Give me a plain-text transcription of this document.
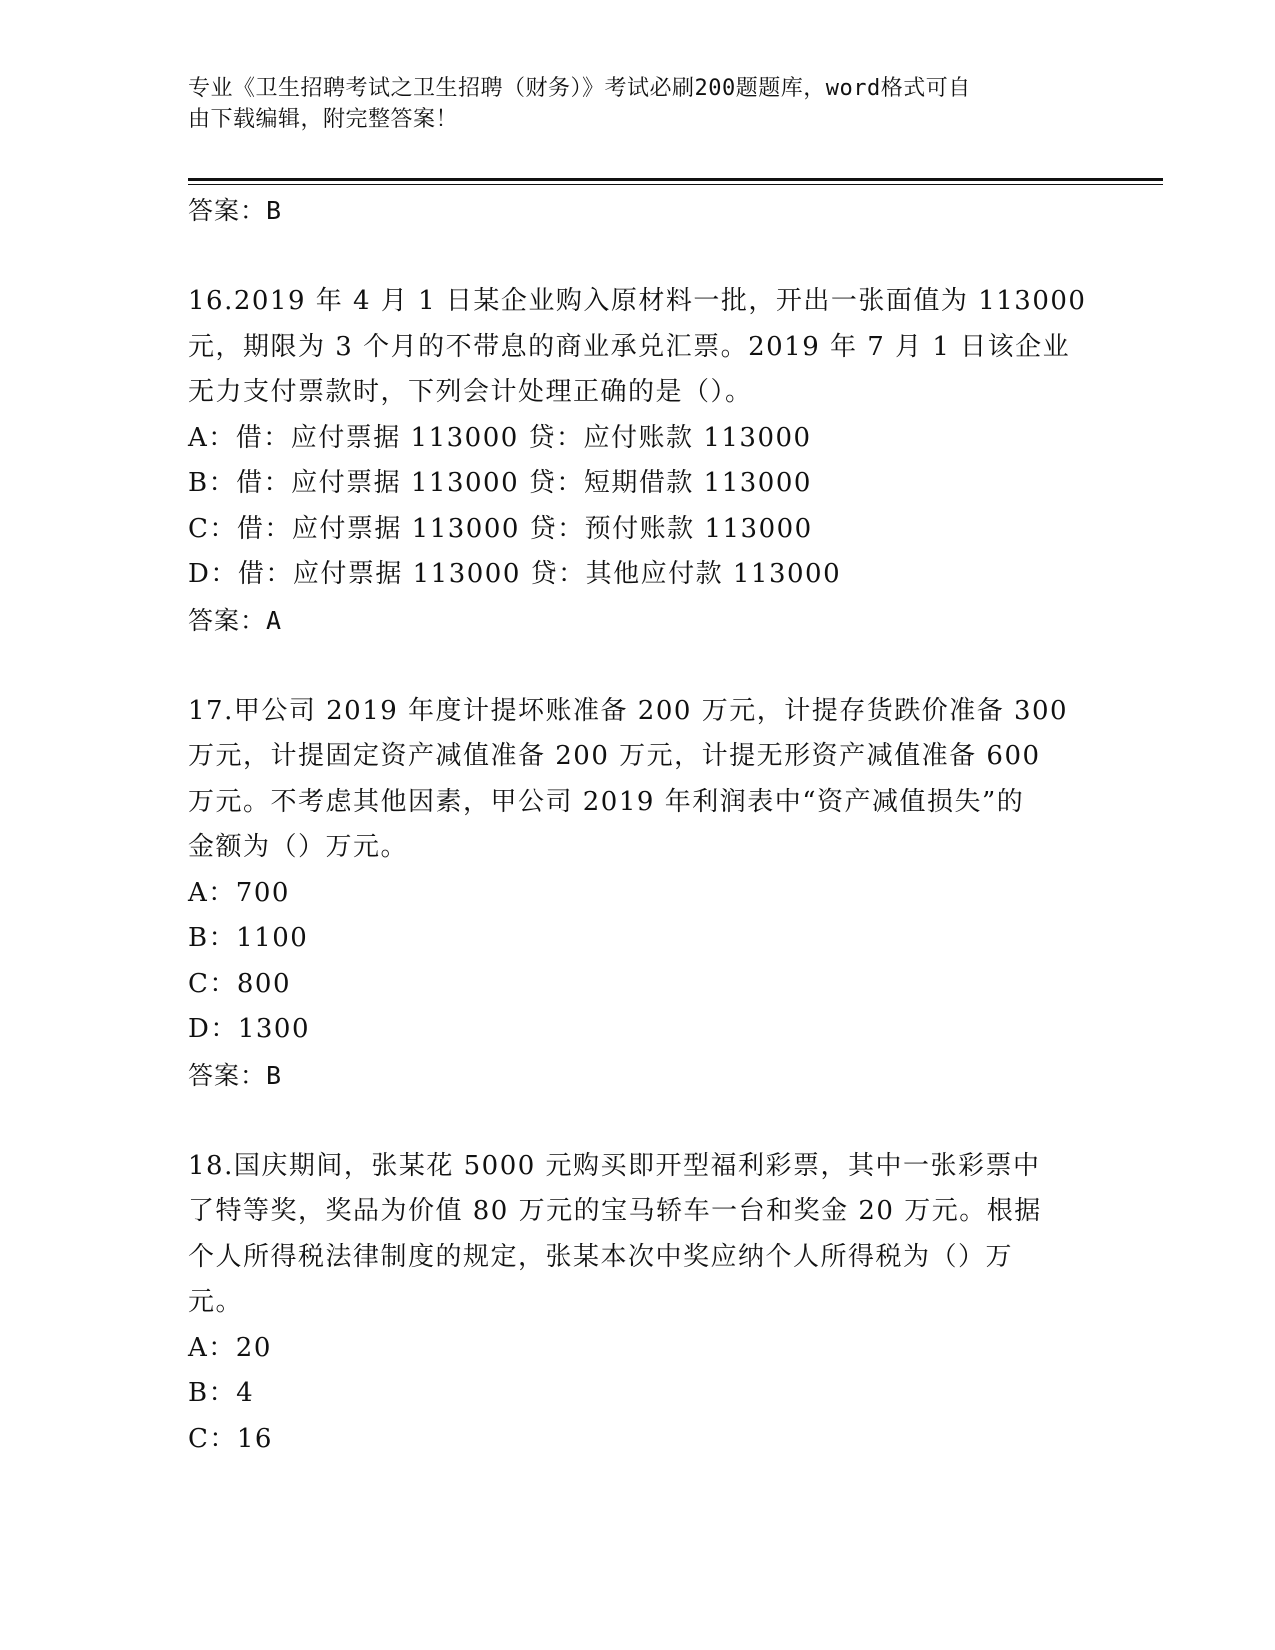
专业《卫生招聘考试之卫生招聘（财务）》考试必刷200题题库，word格式可自
由下载编辑，附完整答案！
答案：B
16.2019 年 4 月 1 日某企业购入原材料一批，开出一张面值为 113000
元，期限为 3 个月的不带息的商业承兑汇票。2019 年 7 月 1 日该企业
无力支付票款时，下列会计处理正确的是（）。
A：借：应付票据 113000 贷：应付账款 113000
B：借：应付票据 113000 贷：短期借款 113000
C：借：应付票据 113000 贷：预付账款 113000
D：借：应付票据 113000 贷：其他应付款 113000
答案：A
17.甲公司 2019 年度计提坏账准备 200 万元，计提存货跌价准备 300
万元，计提固定资产减值准备 200 万元，计提无形资产减值准备 600
万元。不考虑其他因素，甲公司 2019 年利润表中“资产减值损失”的
金额为（）万元。
A：700
B：1100
C：800
D：1300
答案：B
18.国庆期间，张某花 5000 元购买即开型福利彩票，其中一张彩票中
了特等奖，奖品为价值 80 万元的宝马轿车一台和奖金 20 万元。根据
个人所得税法律制度的规定，张某本次中奖应纳个人所得税为（）万
元。
A：20
B：4
C：16
